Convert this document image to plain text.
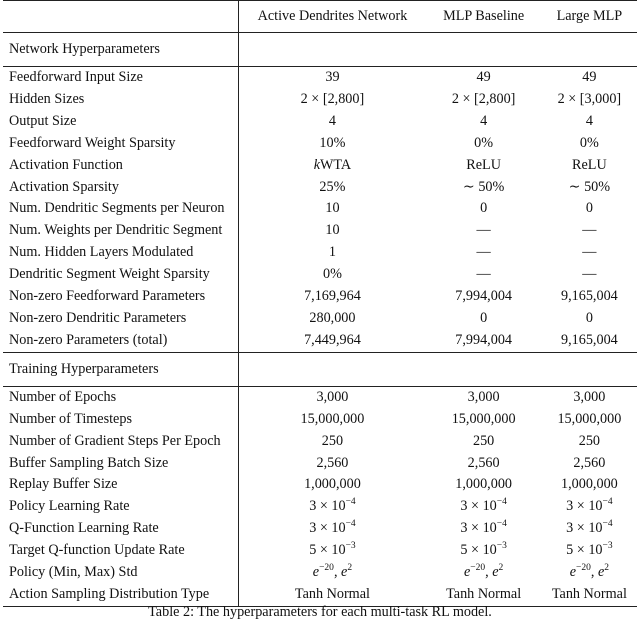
	Active Dendrites Network	MLP Baseline	Large MLP
Network Hyperparameters			
Feedforward Input Size	39	49	49
Hidden Sizes	2 × [2,800]	2 × [2,800]	2 × [3,000]
Output Size	4	4	4
Feedforward Weight Sparsity	10%	0%	0%
Activation Function	kWTA	ReLU	ReLU
Activation Sparsity	25%	∼ 50%	∼ 50%
Num. Dendritic Segments per Neuron	10	0	0
Num. Weights per Dendritic Segment	10	—	—
Num. Hidden Layers Modulated	1	—	—
Dendritic Segment Weight Sparsity	0%	—	—
Non-zero Feedforward Parameters	7,169,964	7,994,004	9,165,004
Non-zero Dendritic Parameters	280,000	0	0
Non-zero Parameters (total)	7,449,964	7,994,004	9,165,004
Training Hyperparameters			
Number of Epochs	3,000	3,000	3,000
Number of Timesteps	15,000,000	15,000,000	15,000,000
Number of Gradient Steps Per Epoch	250	250	250
Buffer Sampling Batch Size	2,560	2,560	2,560
Replay Buffer Size	1,000,000	1,000,000	1,000,000
Policy Learning Rate	$3 \times 10^{-4}$	$3 \times 10^{-4}$	$3 \times 10^{-4}$
Q-Function Learning Rate	$3 \times 10^{-4}$	$3 \times 10^{-4}$	$3 \times 10^{-4}$
Target Q-function Update Rate	$5 \times 10^{-3}$	$5 \times 10^{-3}$	$5 \times 10^{-3}$
Policy (Min, Max) Std	$e^{-20}$, $e^2$	$e^{-20}$, $e^2$	$e^{-20}$, $e^2$
Action Sampling Distribution Type	Tanh Normal	Tanh Normal	Tanh Normal
Table 2: The hyperparameters for each multi-task RL model.
